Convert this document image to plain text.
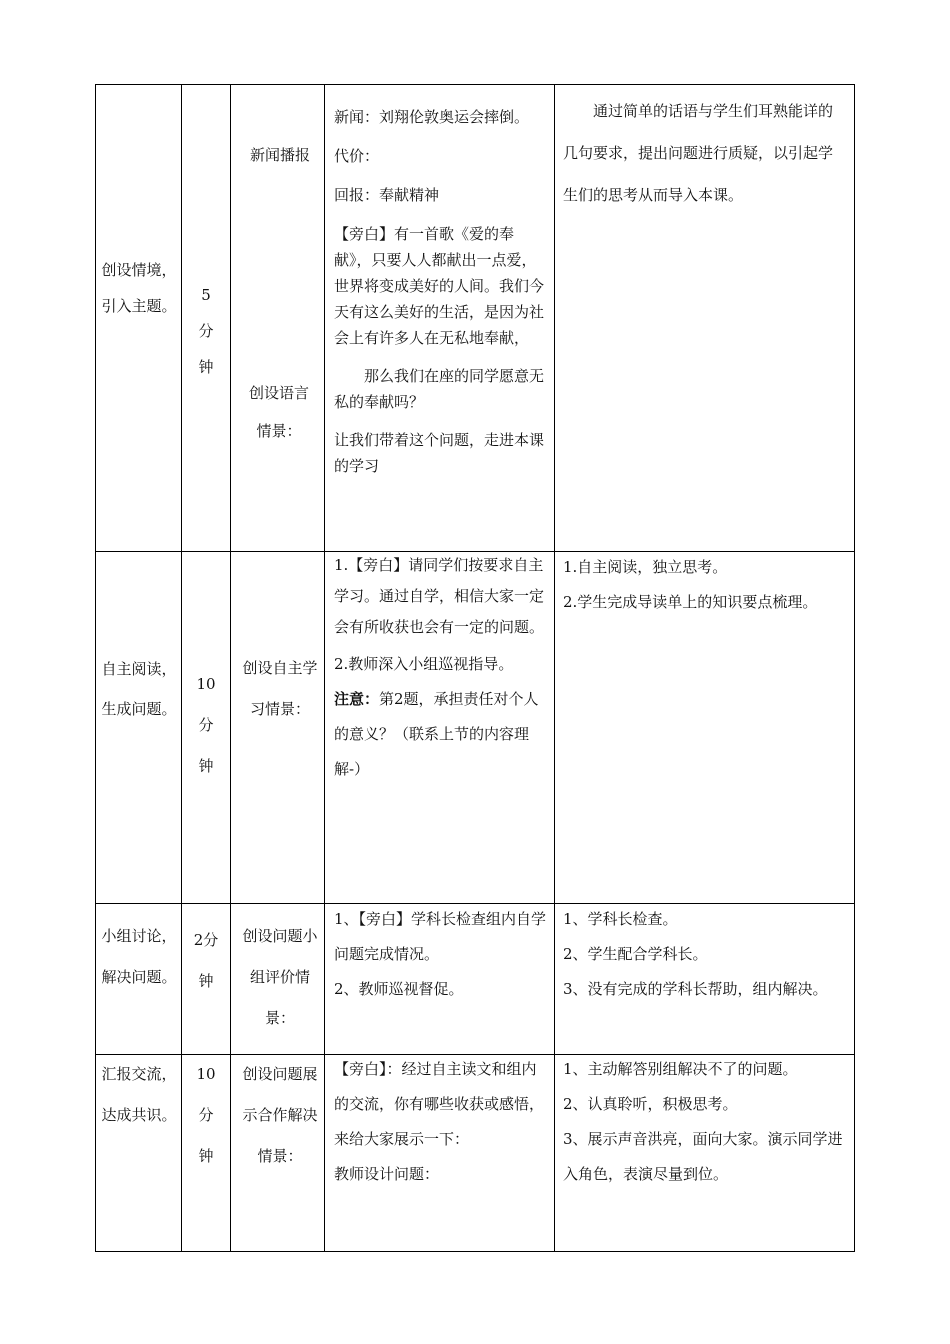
创设情境，引入主题。
5分钟
新闻播报
创设语言情景：
新闻：刘翔伦敦奥运会摔倒。
代价：
回报：奉献精神
【旁白】有一首歌《爱的奉献》，只要人人都献出一点爱，世界将变成美好的人间。我们今天有这么美好的生活，是因为社会上有许多人在无私地奉献，
那么我们在座的同学愿意无私的奉献吗？
让我们带着这个问题，走进本课的学习
通过简单的话语与学生们耳熟能详的几句要求，提出问题进行质疑，以引起学生们的思考从而导入本课。
自主阅读，生成问题。
10分钟
创设自主学习情景：
1.【旁白】请同学们按要求自主学习。通过自学，相信大家一定会有所收获也会有一定的问题。
2.教师深入小组巡视指导。
注意：第2题，承担责任对个人的意义？（联系上节的内容理解-）
1.自主阅读，独立思考。
2.学生完成导读单上的知识要点梳理。
小组讨论，解决问题。
2分钟
创设问题小组评价情景：
1、【旁白】学科长检查组内自学问题完成情况。
2、教师巡视督促。
1、学科长检查。
2、学生配合学科长。
3、没有完成的学科长帮助，组内解决。
汇报交流，达成共识。
10分钟
创设问题展示合作解决情景：
【旁白】：经过自主读文和组内的交流，你有哪些收获或感悟，来给大家展示一下：
教师设计问题：
1、主动解答别组解决不了的问题。
2、认真聆听，积极思考。
3、展示声音洪亮，面向大家。演示同学进入角色，表演尽量到位。
